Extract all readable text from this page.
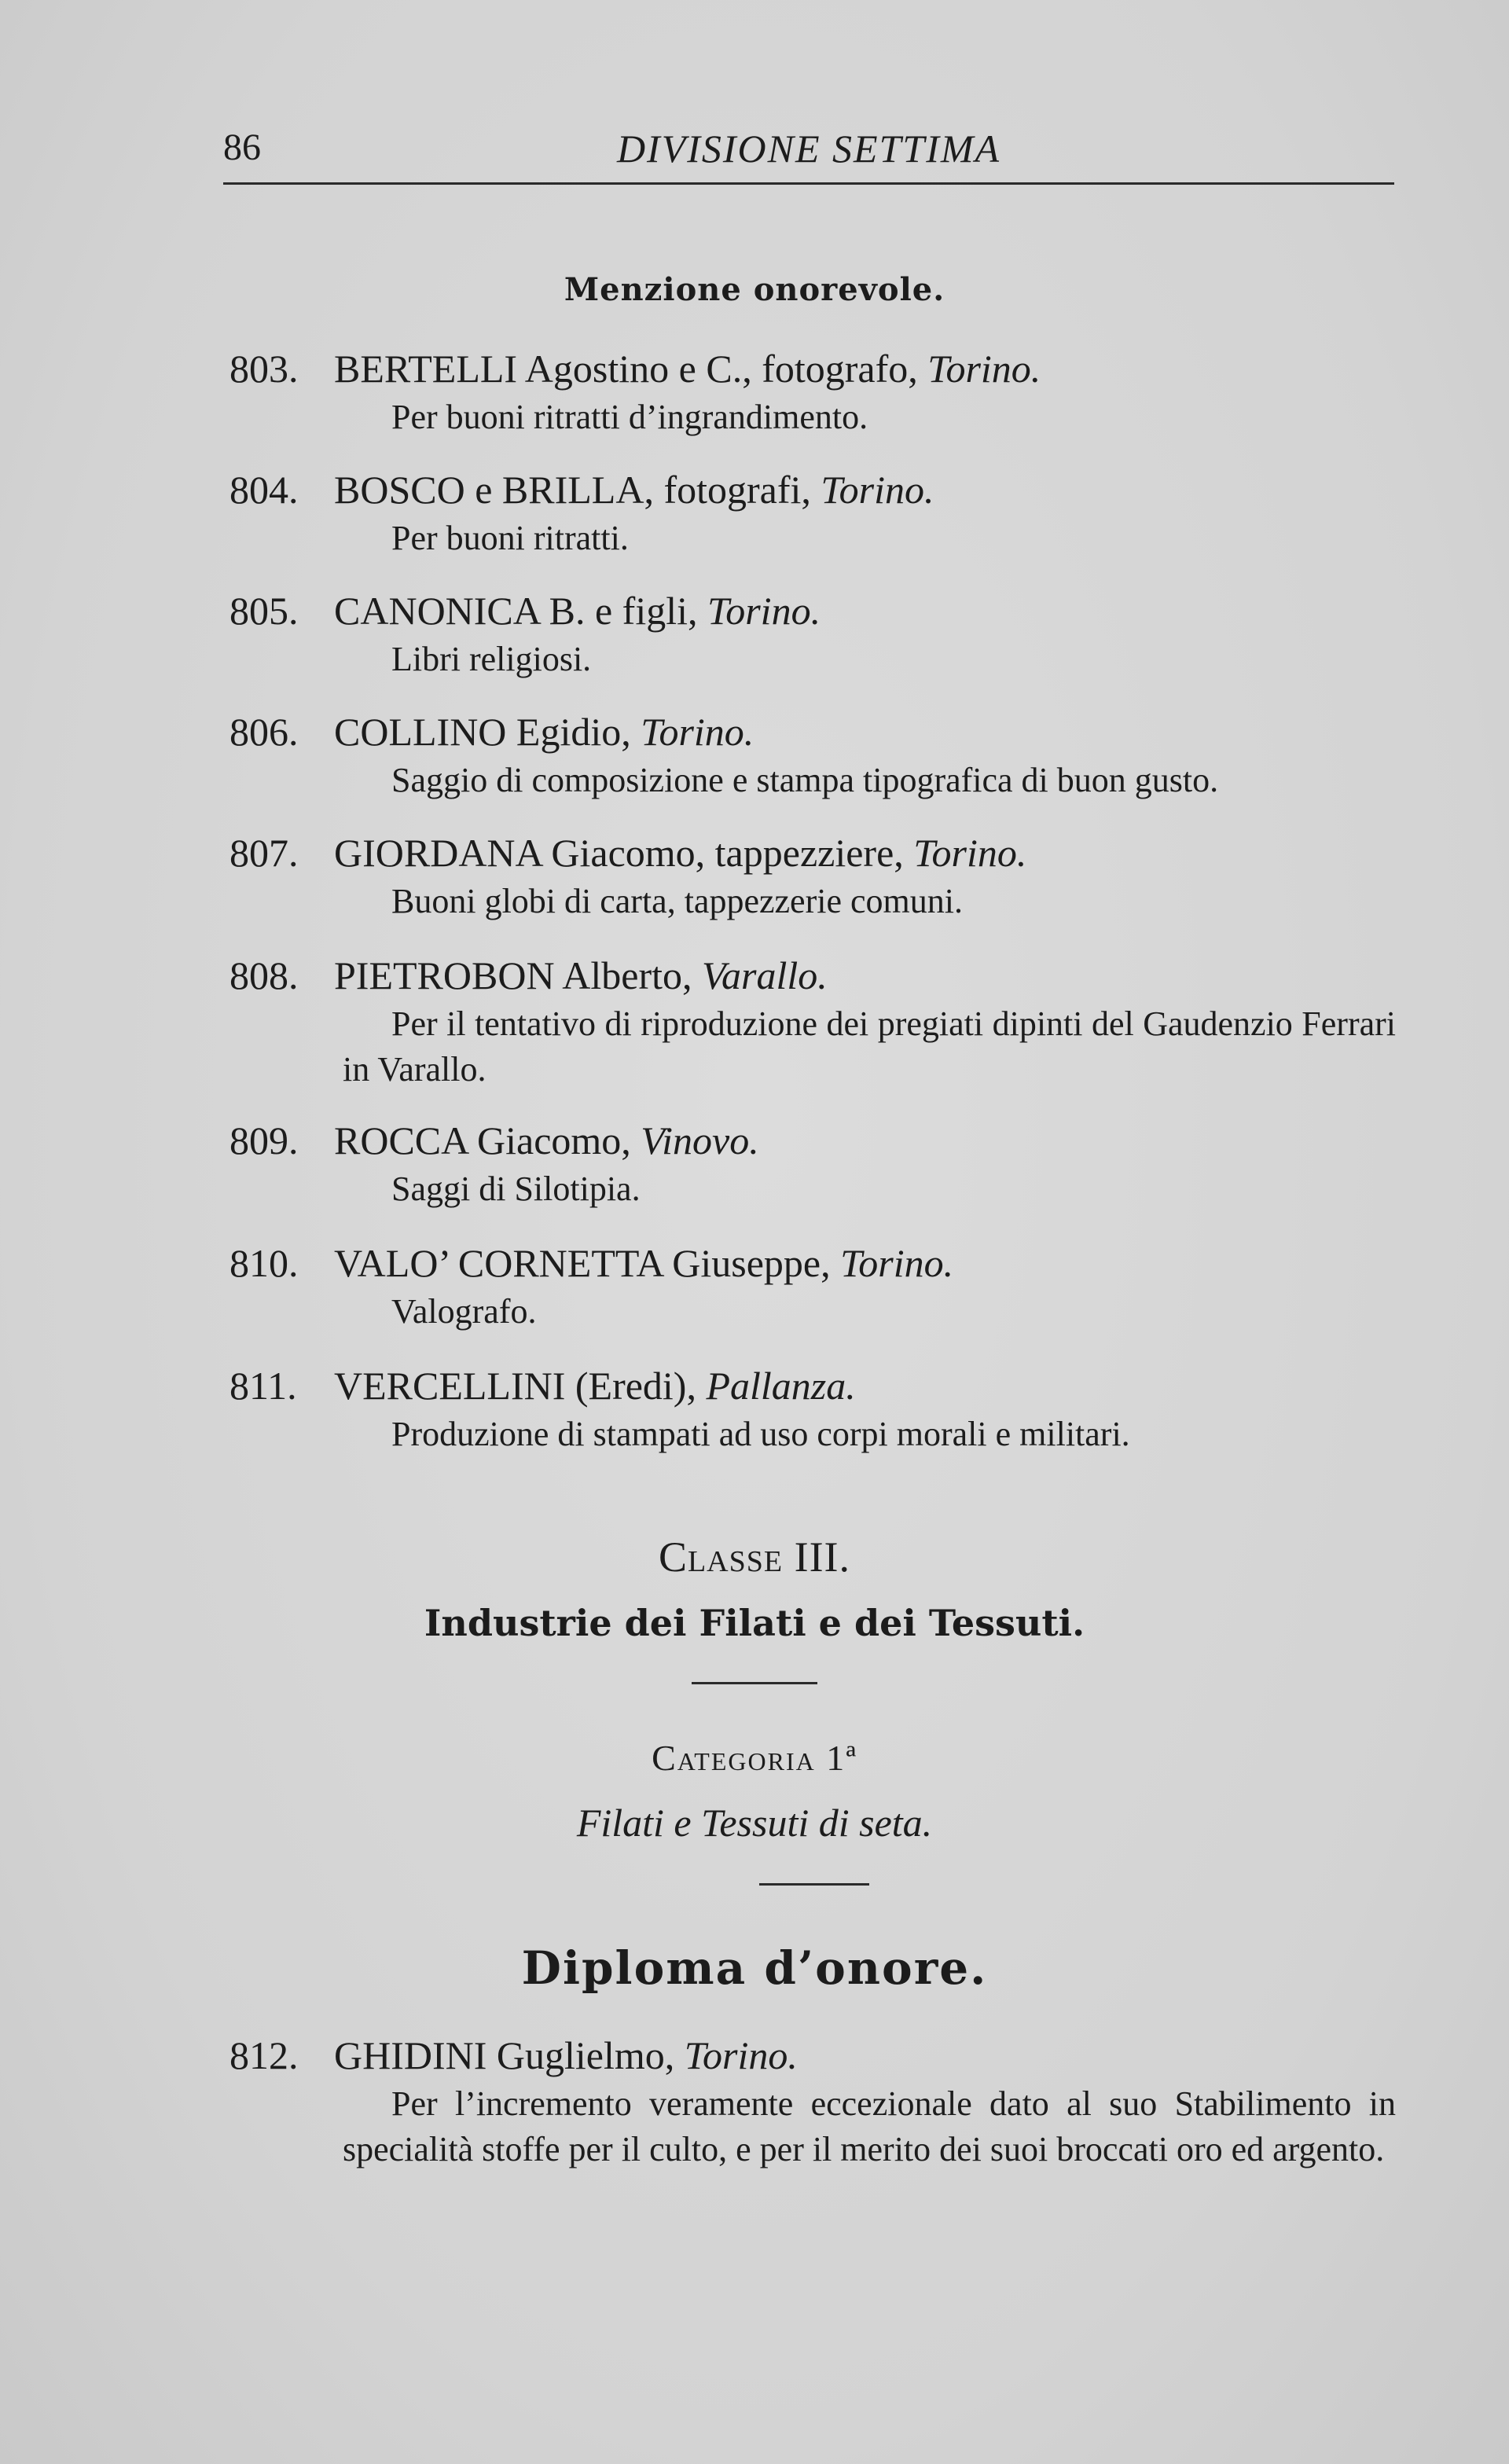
86	DIVISIONE SETTIMA
Menzione onorevole.
803. BERTELLI Agostino e C., fotografo, Torino.
Per buoni ritratti d’ingrandimento.
804. BOSCO e BRILLA, fotografi, Torino.
Per buoni ritratti.
805. CANONICA B. e figli, Torino.
Libri religiosi.
806. COLLINO Egidio, Torino.
Saggio di composizione e stampa tipografica di buon gusto.
807. GIORDANA Giacomo, tappezziere, Torino.
Buoni globi di carta, tappezzerie comuni.
808. PIETROBON Alberto, Varallo.
Per il tentativo di riproduzione dei pregiati dipinti del Gaudenzio Ferrari in Varallo.
809. ROCCA Giacomo, Vinovo.
Saggi di Silotipia.
810. VALO’ CORNETTA Giuseppe, Torino.
Valografo.
811. VERCELLINI (Eredi), Pallanza.
Produzione di stampati ad uso corpi morali e militari.
Classe III.
Industrie dei Filati e dei Tessuti.
Categoria 1ª
Filati e Tessuti di seta.
Diploma d’onore.
812. GHIDINI Guglielmo, Torino.
Per l’incremento veramente eccezionale dato al suo Stabilimento in specialità stoffe per il culto, e per il merito dei suoi broccati oro ed argento.
